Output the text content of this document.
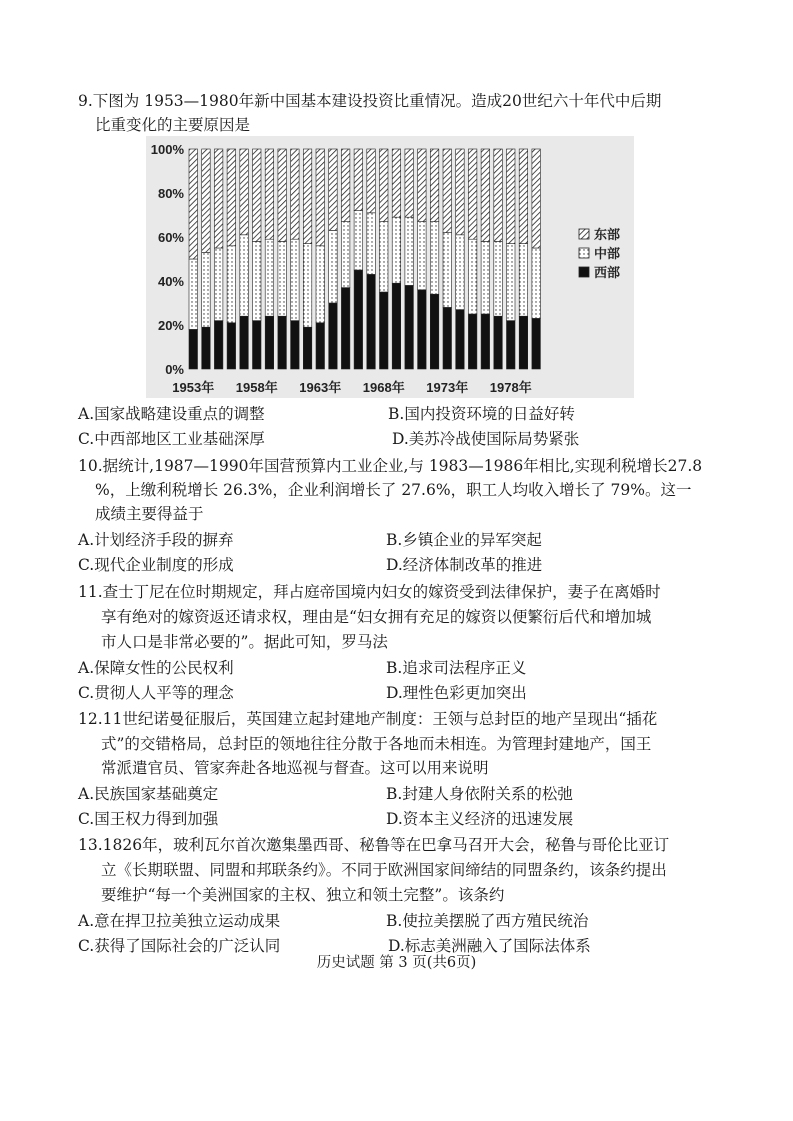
9.下图为 1953—1980年新中国基本建设投资比重情况。造成20世纪六十年代中后期
比重变化的主要原因是
0%
20%
40%
60%
80%
100%
1953年 1958年 1963年 1968年 1973年 1978年
东部
中部
西部
A.国家战略建设重点的调整	B.国内投资环境的日益好转
C.中西部地区工业基础深厚	D.美苏冷战使国际局势紧张
10.据统计,1987—1990年国营预算内工业企业,与 1983—1986年相比,实现利税增长27.8
%，上缴利税增长 26.3%，企业利润增长了 27.6%，职工人均收入增长了 79%。这一
成绩主要得益于
A.计划经济手段的摒弃	B.乡镇企业的异军突起
C.现代企业制度的形成	D.经济体制改革的推进
11.查士丁尼在位时期规定，拜占庭帝国境内妇女的嫁资受到法律保护，妻子在离婚时
享有绝对的嫁资返还请求权，理由是“妇女拥有充足的嫁资以便繁衍后代和增加城
市人口是非常必要的”。据此可知，罗马法
A.保障女性的公民权利	B.追求司法程序正义
C.贯彻人人平等的理念	D.理性色彩更加突出
12.11世纪诺曼征服后，英国建立起封建地产制度：王领与总封臣的地产呈现出“插花
式”的交错格局，总封臣的领地往往分散于各地而未相连。为管理封建地产，国王
常派遣官员、管家奔赴各地巡视与督查。这可以用来说明
A.民族国家基础奠定	B.封建人身依附关系的松弛
C.国王权力得到加强	D.资本主义经济的迅速发展
13.1826年，玻利瓦尔首次邀集墨西哥、秘鲁等在巴拿马召开大会，秘鲁与哥伦比亚订
立《长期联盟、同盟和邦联条约》。不同于欧洲国家间缔结的同盟条约，该条约提出
要维护“每一个美洲国家的主权、独立和领土完整”。该条约
A.意在捍卫拉美独立运动成果	B.使拉美摆脱了西方殖民统治
C.获得了国际社会的广泛认同	D.标志美洲融入了国际法体系
历史试题 第 3 页(共6页)
